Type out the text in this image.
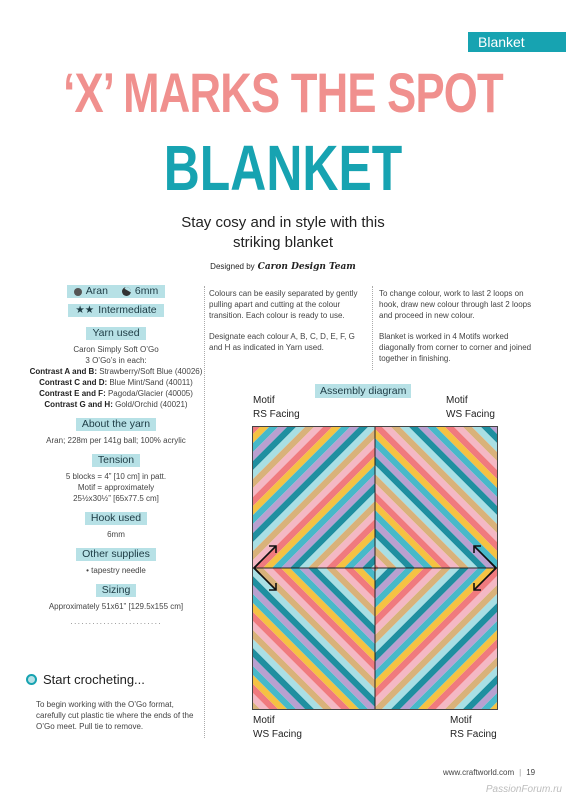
Blanket
‘X’ MARKS THE SPOT
BLANKET
Stay cosy and in style with this striking blanket
Designed by Caron Design Team
Aran	6mm
★★ Intermediate
Yarn used
Caron Simply Soft O’Go
3 O’Go’s in each:
Contrast A and B: Strawberry/Soft Blue (40026)
Contrast C and D: Blue Mint/Sand (40011)
Contrast E and F: Pagoda/Glacier (40005)
Contrast G and H: Gold/Orchid (40021)
About the yarn
Aran; 228m per 141g ball; 100% acrylic
Tension
5 blocks = 4” [10 cm] in patt.
Motif = approximately
25½x30½” [65x77.5 cm]
Hook used
6mm
Other supplies
• tapestry needle
Sizing
Approximately 51x61” [129.5x155 cm]
·························
Start crocheting...
To begin working with the O’Go format, carefully cut plastic tie where the ends of the O’Go meet. Pull tie to remove.

Colours can be easily separated by gently pulling apart and cutting at the colour transition. Each colour is ready to use.

Designate each colour A, B, C, D, E, F, G and H as indicated in Yarn used.

To change colour, work to last 2 loops on hook, draw new colour through last 2 loops and proceed in new colour.

Blanket is worked in 4 Motifs worked diagonally from corner to corner and joined together in finishing.

Assembly diagram
Motif
RS Facing
Motif
WS Facing
Motif
WS Facing
Motif
RS Facing
www.craftworld.com | 19
PassionForum.ru
